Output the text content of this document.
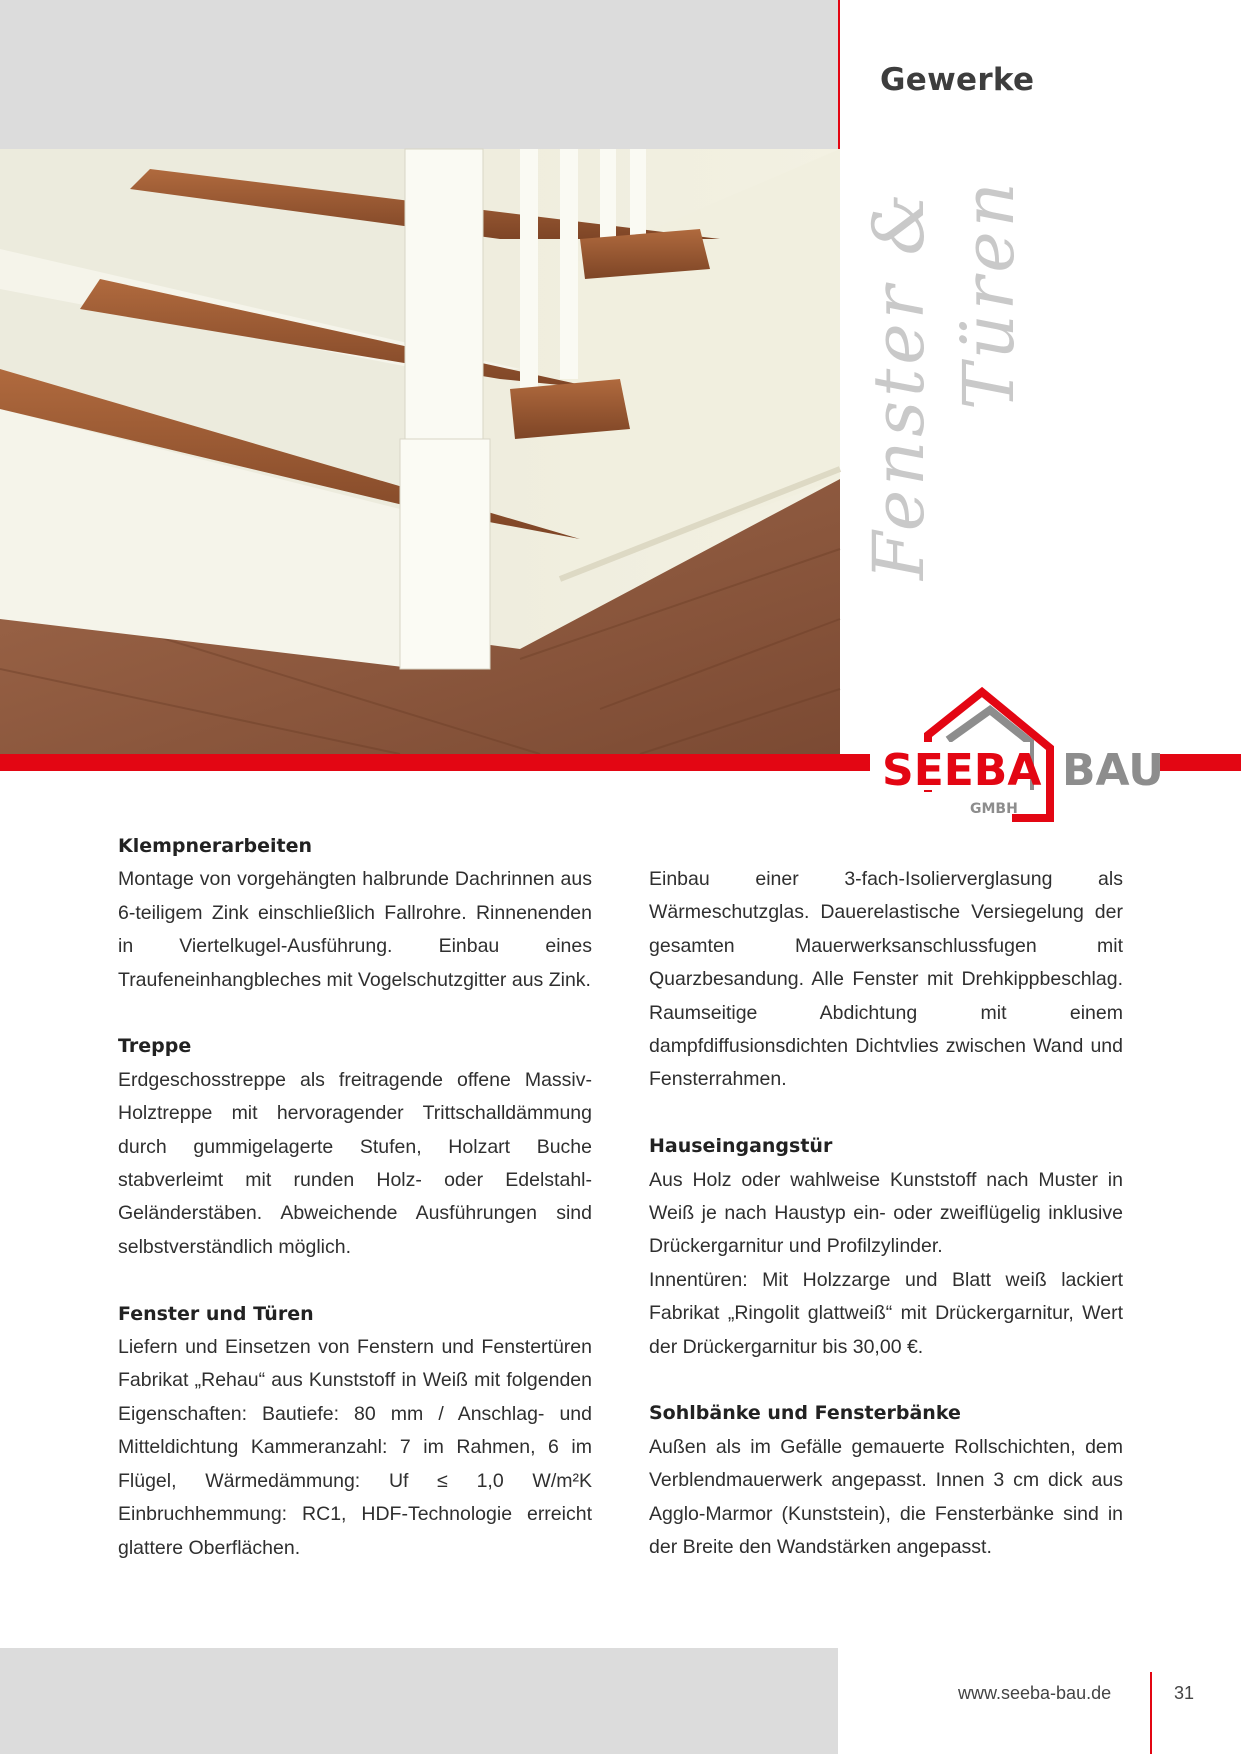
Gewerke
Fenster & Türen
SEEBA BAU
GMBH
Klempnerarbeiten

Montage von vorgehängten halbrunde Dachrinnen aus 6-teiligem Zink einschließlich Fallrohre. Rinnenenden in Viertelkugel-Ausführung. Einbau eines Traufeneinhangbleches mit Vogelschutzgitter aus Zink.

Treppe

Erdgeschosstreppe als freitragende offene Massiv-Holztreppe mit hervoragender Trittschalldämmung durch gummigelagerte Stufen, Holzart Buche stabverleimt mit runden Holz- oder Edelstahl-Geländerstäben. Abweichende Ausführungen sind selbstverständlich möglich.

Fenster und Türen

Liefern und Einsetzen von Fenstern und Fenstertüren Fabrikat „Rehau“ aus Kunststoff in Weiß mit folgenden Eigenschaften: Bautiefe: 80 mm / Anschlag- und Mitteldichtung Kammeranzahl: 7 im Rahmen, 6 im Flügel, Wärmedämmung: Uf ≤ 1,0 W/m²K Einbruchhemmung: RC1, HDF-Technologie erreicht glattere Oberflächen.

Einbau einer 3-fach-Isolierverglasung als Wärmeschutzglas. Dauerelastische Versiegelung der gesamten Mauerwerksanschlussfugen mit Quarzbesandung. Alle Fenster mit Drehkippbeschlag. Raumseitige Abdichtung mit einem dampfdiffusionsdichten Dichtvlies zwischen Wand und Fensterrahmen.

Hauseingangstür

Aus Holz oder wahlweise Kunststoff nach Muster in Weiß je nach Haustyp ein- oder zweiflügelig inklusive Drückergarnitur und Profilzylinder.

Innentüren: Mit Holzzarge und Blatt weiß lackiert Fabrikat „Ringolit glattweiß“ mit Drückergarnitur, Wert der Drückergarnitur bis 30,00 €.

Sohlbänke und Fensterbänke

Außen als im Gefälle gemauerte Rollschichten, dem Verblendmauerwerk angepasst. Innen 3 cm dick aus Agglo-Marmor (Kunststein), die Fensterbänke sind in der Breite den Wandstärken angepasst.

www.seeba-bau.de	31
